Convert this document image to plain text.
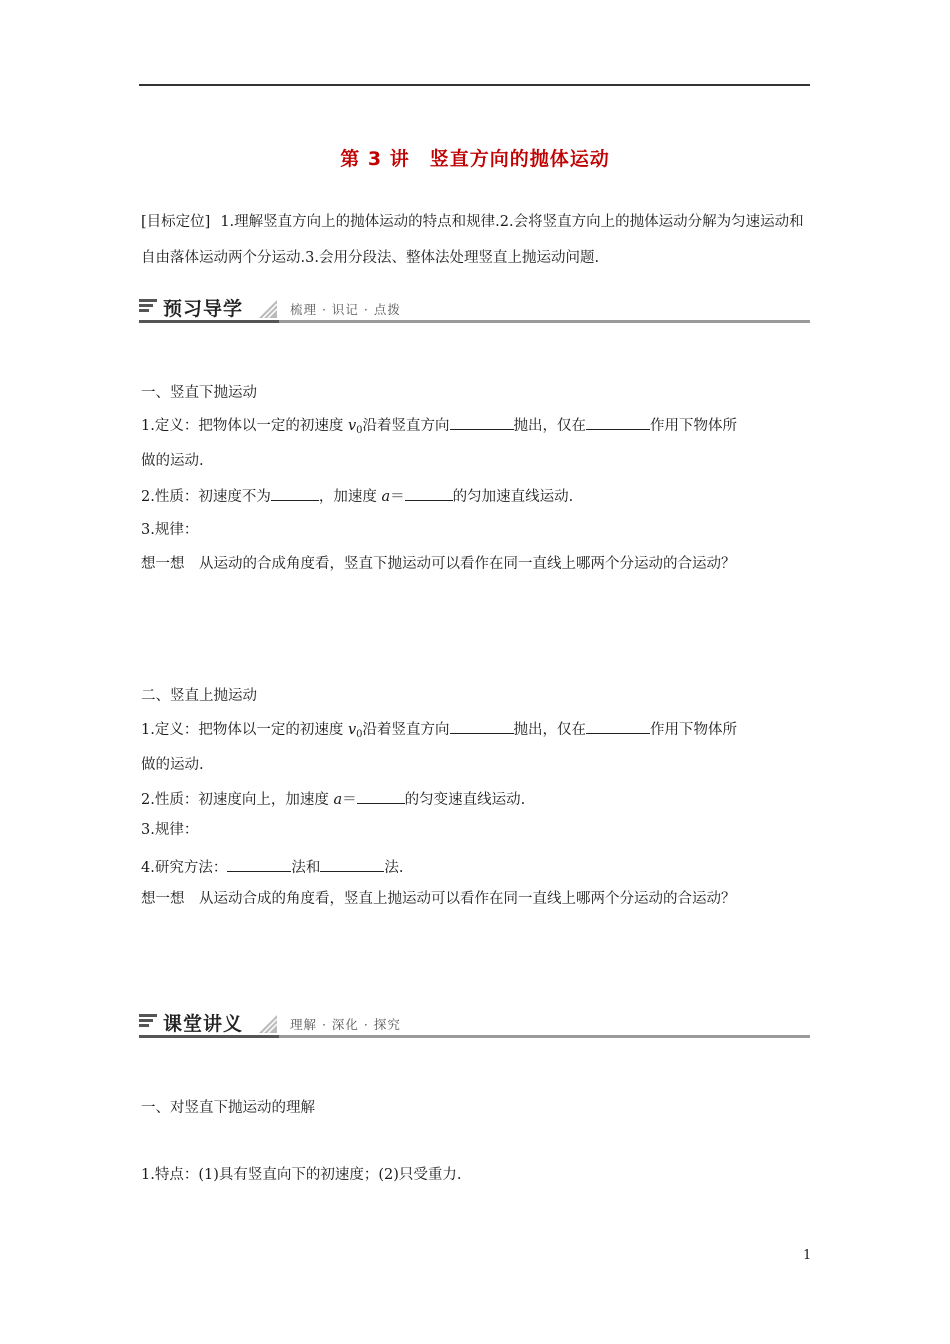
第 3 讲　竖直方向的抛体运动
[目标定位] 1.理解竖直方向上的抛体运动的特点和规律.2.会将竖直方向上的抛体运动分解为匀速运动和自由落体运动两个分运动.3.会用分段法、整体法处理竖直上抛运动问题.
预习导学	梳理 · 识记 · 点拨
一、竖直下抛运动
1.定义：把物体以一定的初速度 $v_0$沿着竖直方向	抛出，仅在	作用下物体所
做的运动.
2.性质：初速度不为	，加速度 a＝	的匀加速直线运动.
3.规律：
想一想　从运动的合成角度看，竖直下抛运动可以看作在同一直线上哪两个分运动的合运动？
二、竖直上抛运动
1.定义：把物体以一定的初速度 $v_0$沿着竖直方向	抛出，仅在	作用下物体所
做的运动.
2.性质：初速度向上，加速度 a＝	的匀变速直线运动.
3.规律：
4.研究方法：	法和	法.
想一想　从运动合成的角度看，竖直上抛运动可以看作在同一直线上哪两个分运动的合运动？
课堂讲义	理解 · 深化 · 探究
一、对竖直下抛运动的理解
1.特点：(1)具有竖直向下的初速度；(2)只受重力.
1
